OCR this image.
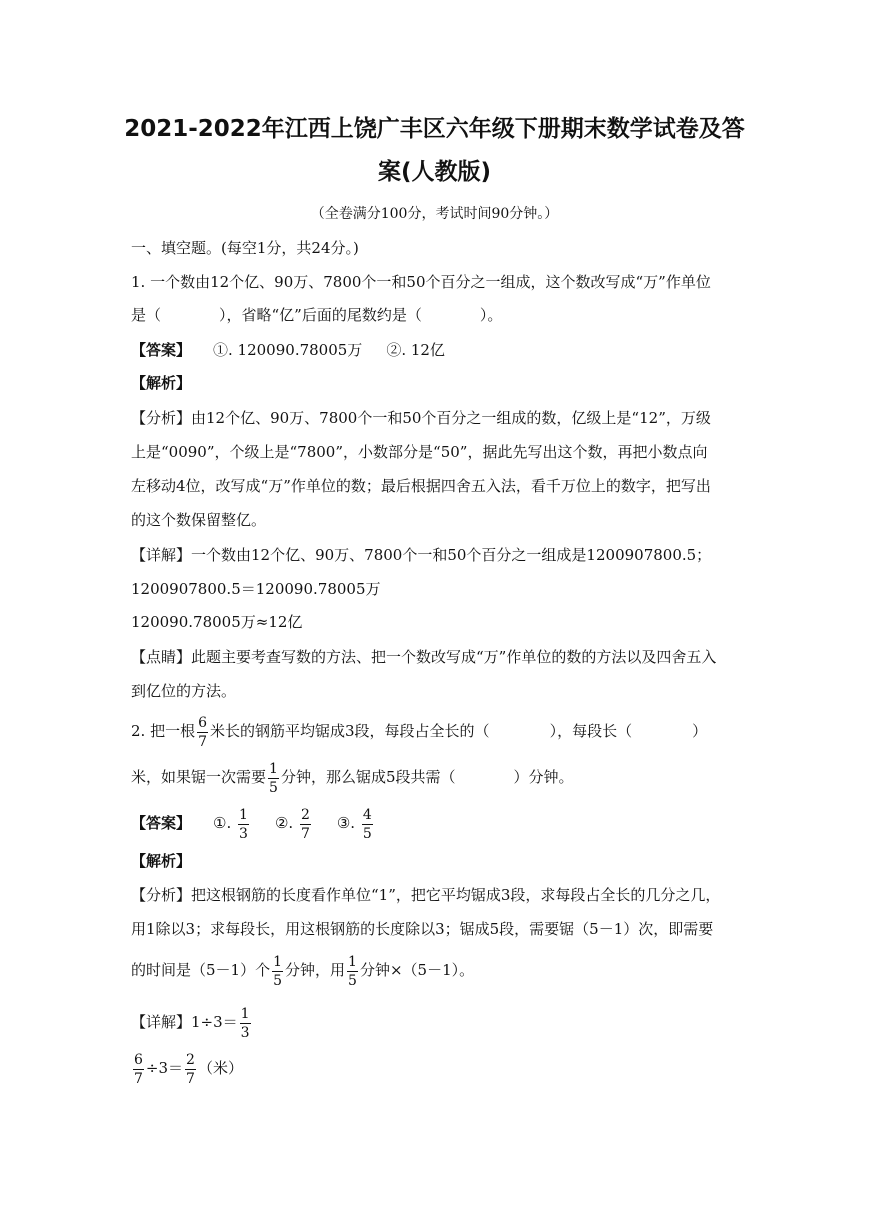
2021-2022年江西上饶广丰区六年级下册期末数学试卷及答
案(人教版)
（全卷满分100分，考试时间90分钟。）
一、填空题。(每空1分，共24分。)
1. 一个数由12个亿、90万、7800个一和50个百分之一组成，这个数改写成“万”作单位
是（	），省略“亿”后面的尾数约是（	）。
【答案】 ①. 120090.78005万 ②. 12亿
【解析】
【分析】由12个亿、90万、7800个一和50个百分之一组成的数，亿级上是“12”，万级
上是“0090”，个级上是“7800”，小数部分是“50”，据此先写出这个数，再把小数点向
左移动4位，改写成“万”作单位的数；最后根据四舍五入法，看千万位上的数字，把写出
的这个数保留整亿。
【详解】一个数由12个亿、90万、7800个一和50个百分之一组成是1200907800.5；
1200907800.5＝120090.78005万
120090.78005万≈12亿
【点睛】此题主要考查写数的方法、把一个数改写成“万”作单位的数的方法以及四舍五入
到亿位的方法。
2. 把一根 $\frac{6}{7}$ 米长的钢筋平均锯成3段，每段占全长的（	），每段长（	）
米，如果锯一次需要 $\frac{1}{5}$ 分钟，那么锯成5段共需（	）分钟。
【答案】 ①. $\frac{1}{3}$ ②. $\frac{2}{7}$ ③. $\frac{4}{5}$
【解析】
【分析】把这根钢筋的长度看作单位“1”，把它平均锯成3段，求每段占全长的几分之几，
用1除以3；求每段长，用这根钢筋的长度除以3；锯成5段，需要锯（5－1）次，即需要
的时间是（5－1）个 $\frac{1}{5}$ 分钟，用 $\frac{1}{5}$ 分钟×（5－1）。
【详解】$1\div 3= \frac{1}{3}$
$\frac{6}{7} \div 3= \frac{2}{7}$ （米）
